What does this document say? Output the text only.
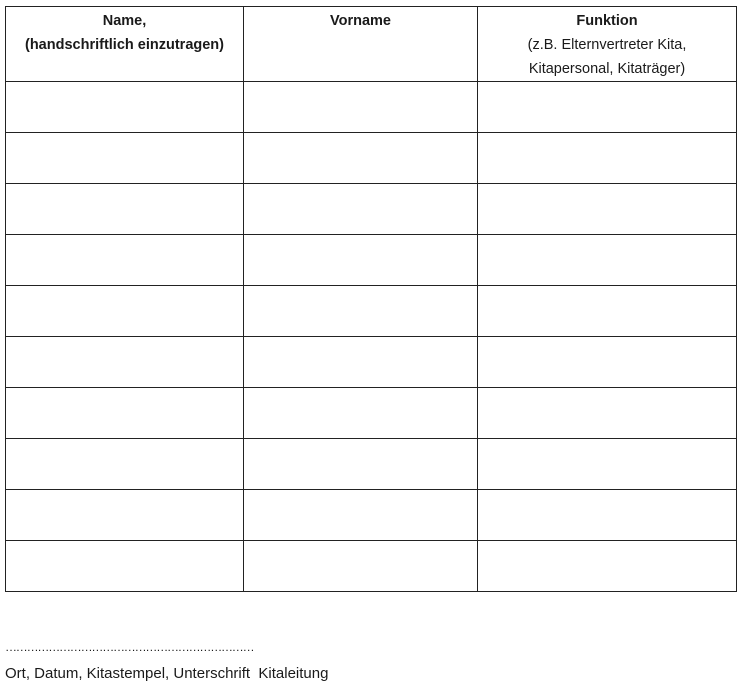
Name,
(handschriftlich einzutragen)	Vorname	Funktion
(z.B. Elternvertreter Kita,
Kitapersonal, Kitaträger)

……………………………………………………………
Ort, Datum, Kitastempel, Unterschrift  Kitaleitung
